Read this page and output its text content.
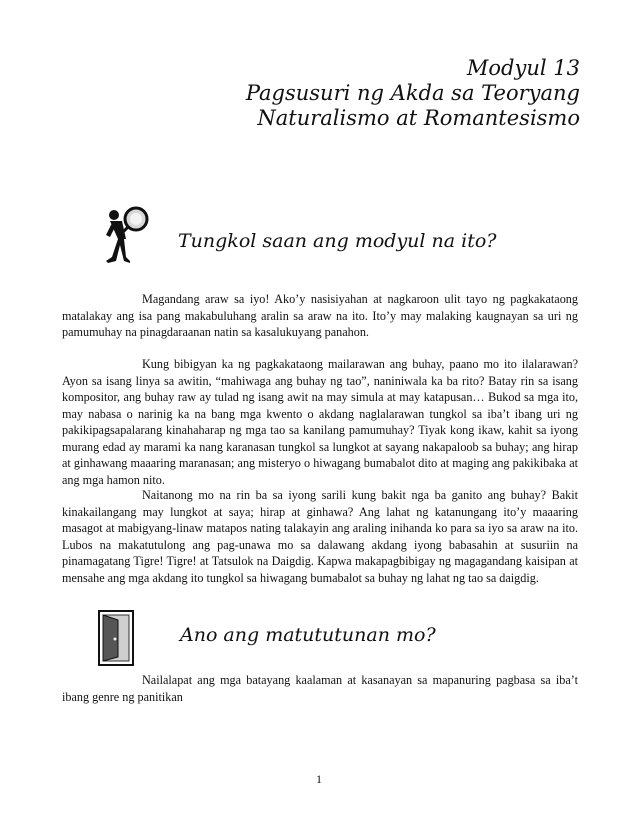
Modyul 13
Pagsusuri ng Akda sa Teoryang
Naturalismo at Romantesismo
Tungkol saan ang modyul na ito?

Magandang araw sa iyo! Ako’y nasisiyahan at nagkaroon ulit tayo ng pagkakataong matalakay ang isa pang makabuluhang aralin sa araw na ito. Ito’y may malaking kaugnayan sa uri ng pamumuhay na pinagdaraanan natin sa kasalukuyang panahon.

Kung bibigyan ka ng pagkakataong mailarawan ang buhay, paano mo ito ilalarawan? Ayon sa isang linya sa awitin, “mahiwaga ang buhay ng tao”, naniniwala ka ba rito? Batay rin sa isang kompositor, ang buhay raw ay tulad ng isang awit na may simula at may katapusan… Bukod sa mga ito, may nabasa o narinig ka na bang mga kwento o akdang naglalarawan tungkol sa iba’t ibang uri ng pakikipagsapalarang kinahaharap ng mga tao sa kanilang pamumuhay? Tiyak kong ikaw, kahit sa iyong murang edad ay marami ka nang karanasan tungkol sa lungkot at sayang nakapaloob sa buhay; ang hirap at ginhawang maaaring maranasan; ang misteryo o hiwagang bumabalot dito at maging ang pakikibaka at ang mga hamon nito.

Naitanong mo na rin ba sa iyong sarili kung bakit nga ba ganito ang buhay? Bakit kinakailangang may lungkot at saya; hirap at ginhawa? Ang lahat ng katanungang ito’y maaaring masagot at mabigyang-linaw matapos nating talakayin ang araling inihanda ko para sa iyo sa araw na ito. Lubos na makatutulong ang pag-unawa mo sa dalawang akdang iyong babasahin at susuriin na pinamagatang Tigre! Tigre! at Tatsulok na Daigdig. Kapwa makapagbibigay ng magagandang kaisipan at mensahe ang mga akdang ito tungkol sa hiwagang bumabalot sa buhay ng lahat ng tao sa daigdig.

Ano ang matututunan mo?

Nailalapat ang mga batayang kaalaman at kasanayan sa mapanuring pagbasa sa iba’t ibang genre ng panitikan

1
